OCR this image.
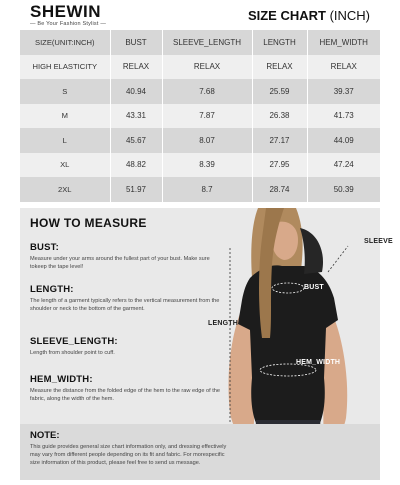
SHEWIN
— Be Your Fashion Stylist —
SIZE CHART (INCH)
SIZE(UNIT:INCH)	BUST	SLEEVE_LENGTH	LENGTH	HEM_WIDTH
HIGH ELASTICITY	RELAX	RELAX	RELAX	RELAX
S	40.94	7.68	25.59	39.37
M	43.31	7.87	26.38	41.73
L	45.67	8.07	27.17	44.09
XL	48.82	8.39	27.95	47.24
2XL	51.97	8.7	28.74	50.39
HOW TO MEASURE
BUST:
Measure under your arms around the fullest part of your bust. Make sure tokeep the tape level!
LENGTH:
The length of a garment typically refers to the vertical measurement from the shoulder or neck to the bottom of the garment.
SLEEVE_LENGTH:
Length from shoulder point to cuff.
HEM_WIDTH:
Measure the distance from the folded edge of the hem to the raw edge of the fabric, along the width of the hem.
SLEEVE
BUST
LENGTH
HEM_WIDTH
NOTE:
This guide provides general size chart information only, and dressing effectively may vary from different people depending on its fit and fabric. For morespecific size information of this product, please feel free to send us message.
